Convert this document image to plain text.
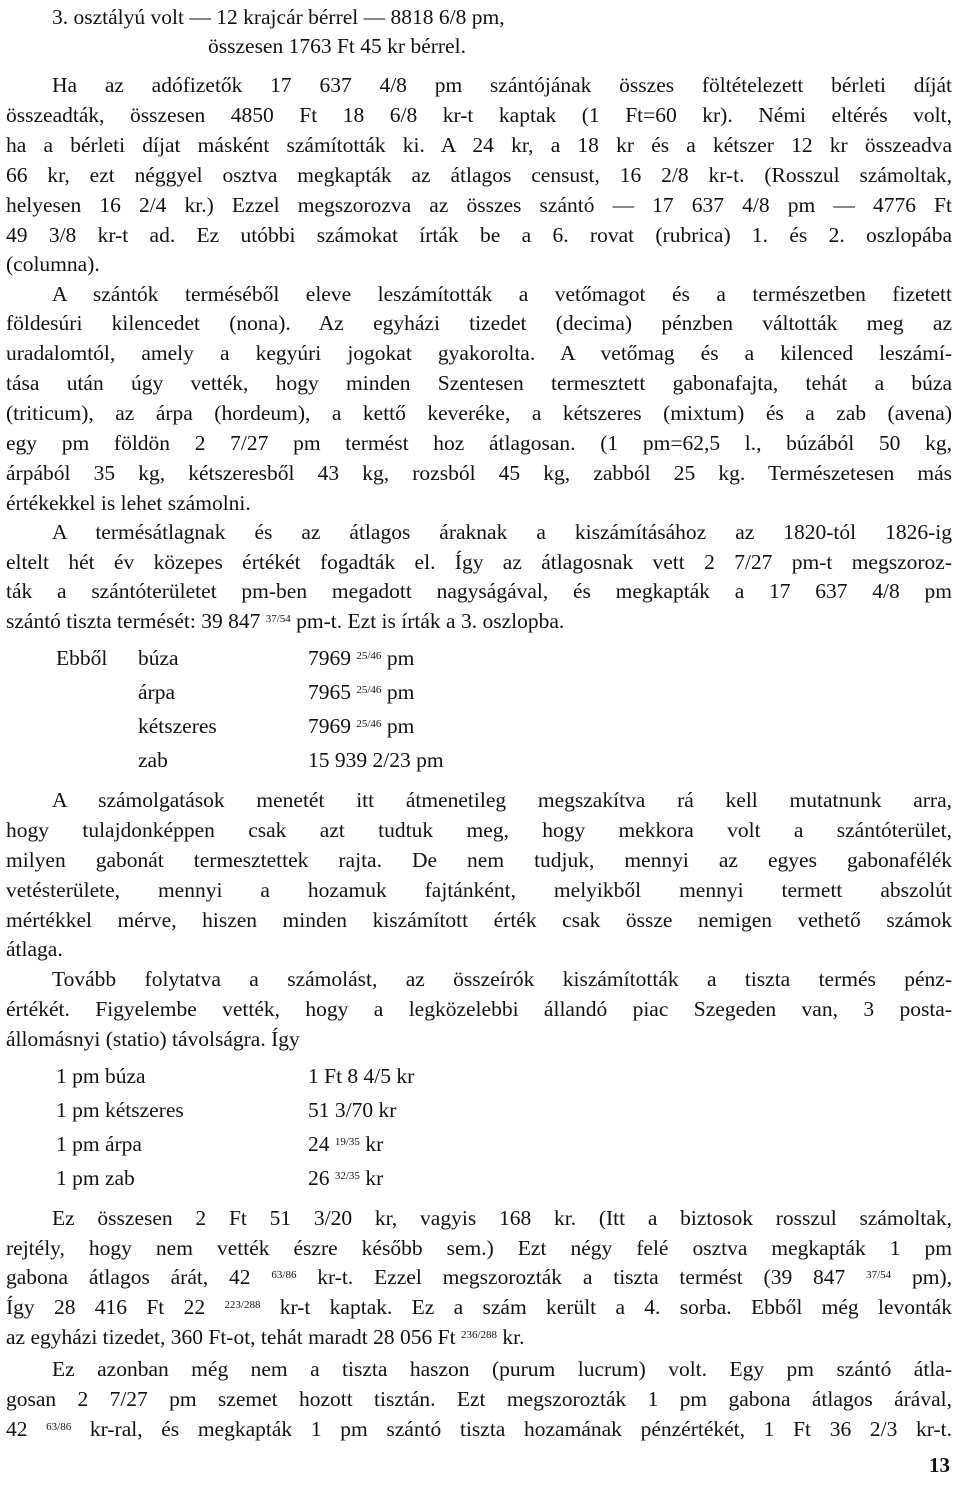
3. osztályú volt — 12 krajcár bérrel — 8818 6/8 pm,
összesen 1763 Ft 45 kr bérrel.
Ha az adófizetők 17 637 4/8 pm szántójának összes föltételezett bérleti díját
összeadták, összesen 4850 Ft 18 6/8 kr-t kaptak (1 Ft=60 kr). Némi eltérés volt,
ha a bérleti díjat másként számították ki. A 24 kr, a 18 kr és a kétszer 12 kr összeadva
66 kr, ezt néggyel osztva megkapták az átlagos censust, 16 2/8 kr-t. (Rosszul számoltak,
helyesen 16 2/4 kr.) Ezzel megszorozva az összes szántó — 17 637 4/8 pm — 4776 Ft
49 3/8 kr-t ad. Ez utóbbi számokat írták be a 6. rovat (rubrica) 1. és 2. oszlopába
(columna).
A szántók terméséből eleve leszámították a vetőmagot és a természetben fizetett
földesúri kilencedet (nona). Az egyházi tizedet (decima) pénzben váltották meg az
uradalomtól, amely a kegyúri jogokat gyakorolta. A vetőmag és a kilenced leszámí-
tása után úgy vették, hogy minden Szentesen termesztett gabonafajta, tehát a búza
(triticum), az árpa (hordeum), a kettő keveréke, a kétszeres (mixtum) és a zab (avena)
egy pm földön 2 7/27 pm termést hoz átlagosan. (1 pm=62,5 l., búzából 50 kg,
árpából 35 kg, kétszeresből 43 kg, rozsból 45 kg, zabból 25 kg. Természetesen más
értékekkel is lehet számolni.
A termésátlagnak és az átlagos áraknak a kiszámításához az 1820-tól 1826-ig
eltelt hét év közepes értékét fogadták el. Így az átlagosnak vett 2 7/27 pm-t megszoroz-
ták a szántóterületet pm-ben megadott nagyságával, és megkapták a 17 637 4/8 pm
szántó tiszta termését: 39 847 $^{37/54}$ pm-t. Ezt is írták a 3. oszlopba.
Ebből búza	7969 $^{25/46}$ pm
árpa	7965 $^{25/46}$ pm
kétszeres	7969 $^{25/46}$ pm
zab	15 939 2/23 pm
A számolgatások menetét itt átmenetileg megszakítva rá kell mutatnunk arra,
hogy tulajdonképpen csak azt tudtuk meg, hogy mekkora volt a szántóterület,
milyen gabonát termesztettek rajta. De nem tudjuk, mennyi az egyes gabonafélék
vetésterülete, mennyi a hozamuk fajtánként, melyikből mennyi termett abszolút
mértékkel mérve, hiszen minden kiszámított érték csak össze nemigen vethető számok
átlaga.
Tovább folytatva a számolást, az összeírók kiszámították a tiszta termés pénz-
értékét. Figyelembe vették, hogy a legközelebbi állandó piac Szegeden van, 3 posta-
állomásnyi (statio) távolságra. Így
1 pm búza	1 Ft 8 4/5 kr
1 pm kétszeres	51 3/70 kr
1 pm árpa	24 $^{19/35}$ kr
1 pm zab	26 $^{32/35}$ kr
Ez összesen 2 Ft 51 3/20 kr, vagyis 168 kr. (Itt a biztosok rosszul számoltak,
rejtély, hogy nem vették észre később sem.) Ezt négy felé osztva megkapták 1 pm
gabona átlagos árát, 42 $^{63/86}$ kr-t. Ezzel megszorozták a tiszta termést (39 847 $^{37/54}$ pm),
Így 28 416 Ft 22 $^{223/288}$ kr-t kaptak. Ez a szám került a 4. sorba. Ebből még levonták
az egyházi tizedet, 360 Ft-ot, tehát maradt 28 056 Ft $^{236/288}$ kr.
Ez azonban még nem a tiszta haszon (purum lucrum) volt. Egy pm szántó átla-
gosan 2 7/27 pm szemet hozott tisztán. Ezt megszorozták 1 pm gabona átlagos árával,
42 $^{63/86}$ kr-ral, és megkapták 1 pm szántó tiszta hozamának pénzértékét, 1 Ft 36 2/3 kr-t.
13
